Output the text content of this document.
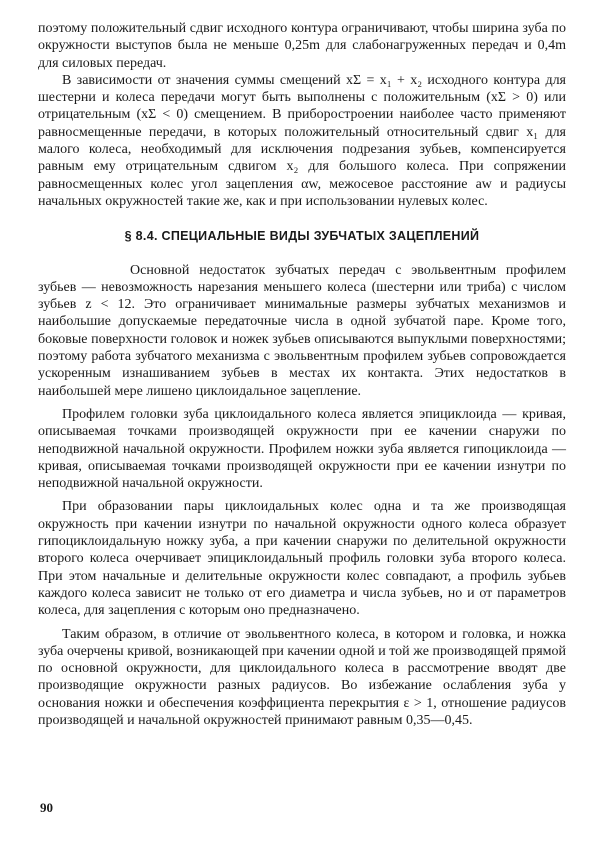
поэтому положительный сдвиг исходного контура ограничивают, чтобы ширина зуба по окружности выступов была не меньше 0,25m для слабонагруженных передач и 0,4m для силовых передач.

В зависимости от значения суммы смещений xΣ = x₁ + x₂ исходного контура для шестерни и колеса передачи могут быть выполнены с положительным (xΣ > 0) или отрицательным (xΣ < 0) смещением. В приборостроении наиболее часто применяют равносмещенные передачи, в которых положительный относительный сдвиг x₁ для малого колеса, необходимый для исключения подрезания зубьев, компенсируется равным ему отрицательным сдвигом x₂ для большого колеса. При сопряжении равносмещенных колес угол зацепления αw, межосевое расстояние aw и радиусы начальных окружностей такие же, как и при использовании нулевых колес.

§ 8.4. СПЕЦИАЛЬНЫЕ ВИДЫ ЗУБЧАТЫХ ЗАЦЕПЛЕНИЙ

Основной недостаток зубчатых передач с эвольвентным профилем зубьев — невозможность нарезания меньшего колеса (шестерни или триба) с числом зубьев z < 12. Это ограничивает минимальные размеры зубчатых механизмов и наибольшие допускаемые передаточные числа в одной зубчатой паре. Кроме того, боковые поверхности головок и ножек зубьев описываются выпуклыми поверхностями; поэтому работа зубчатого механизма с эвольвентным профилем зубьев сопровождается ускоренным изнашиванием зубьев в местах их контакта. Этих недостатков в наибольшей мере лишено циклоидальное зацепление.

Профилем головки зуба циклоидального колеса является эпициклоида — кривая, описываемая точками производящей окружности при ее качении снаружи по неподвижной начальной окружности. Профилем ножки зуба является гипоциклоида — кривая, описываемая точками производящей окружности при ее качении изнутри по неподвижной начальной окружности.

При образовании пары циклоидальных колес одна и та же производящая окружность при качении изнутри по начальной окружности одного колеса образует гипоциклоидальную ножку зуба, а при качении снаружи по делительной окружности второго колеса очерчивает эпициклоидальный профиль головки зуба второго колеса. При этом начальные и делительные окружности колес совпадают, а профиль зубьев каждого колеса зависит не только от его диаметра и числа зубьев, но и от параметров колеса, для зацепления с которым оно предназначено.

Таким образом, в отличие от эвольвентного колеса, в котором и головка, и ножка зуба очерчены кривой, возникающей при качении одной и той же производящей прямой по основной окружности, для циклоидального колеса в рассмотрение вводят две производящие окружности разных радиусов. Во избежание ослабления зуба у основания ножки и обеспечения коэффициента перекрытия ε > 1, отношение радиусов производящей и начальной окружностей принимают равным 0,35—0,45.

90
